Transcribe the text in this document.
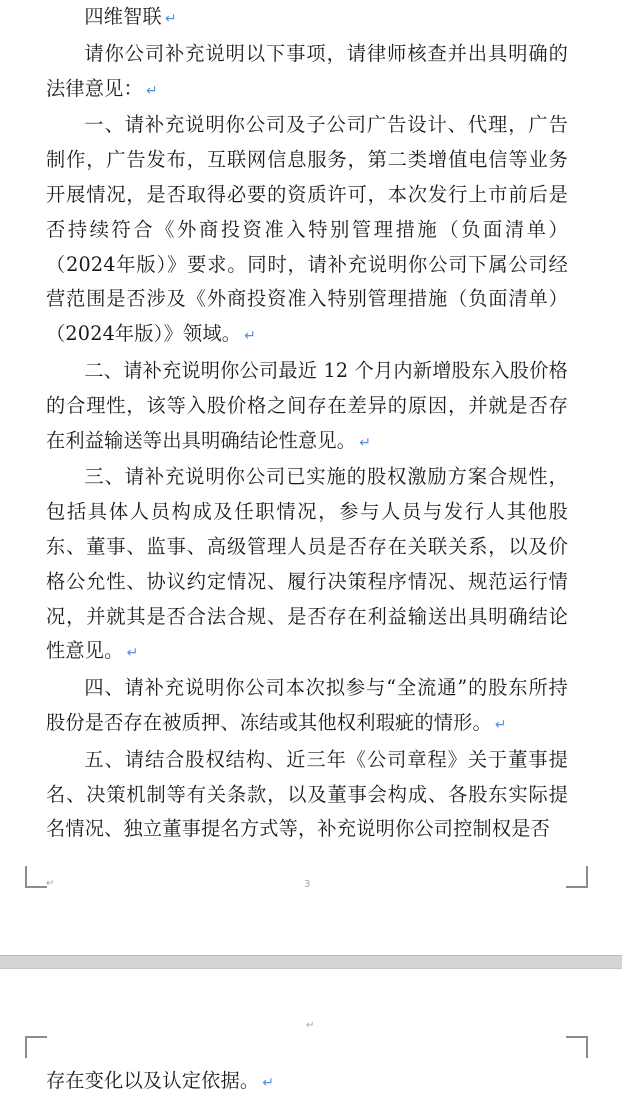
四维智联 ↵

请你公司补充说明以下事项，请律师核查并出具明确的法律意见： ↵

一、请补充说明你公司及子公司广告设计、代理，广告制作，广告发布，互联网信息服务，第二类增值电信等业务开展情况，是否取得必要的资质许可，本次发行上市前后是否持续符合《外商投资准入特别管理措施（负面清单）（2024年版）》要求。同时，请补充说明你公司下属公司经营范围是否涉及《外商投资准入特别管理措施（负面清单）（2024年版）》领域。 ↵

二、请补充说明你公司最近 12 个月内新增股东入股价格的合理性，该等入股价格之间存在差异的原因，并就是否存在利益输送等出具明确结论性意见。 ↵

三、请补充说明你公司已实施的股权激励方案合规性，包括具体人员构成及任职情况，参与人员与发行人其他股东、董事、监事、高级管理人员是否存在关联关系，以及价格公允性、协议约定情况、履行决策程序情况、规范运行情况，并就其是否合法合规、是否存在利益输送出具明确结论性意见。 ↵

四、请补充说明你公司本次拟参与“全流通”的股东所持股份是否存在被质押、冻结或其他权利瑕疵的情形。 ↵

五、请结合股权结构、近三年《公司章程》关于董事提名、决策机制等有关条款，以及董事会构成、各股东实际提名情况、独立董事提名方式等，补充说明你公司控制权是否

↵	3
↵

存在变化以及认定依据。 ↵
